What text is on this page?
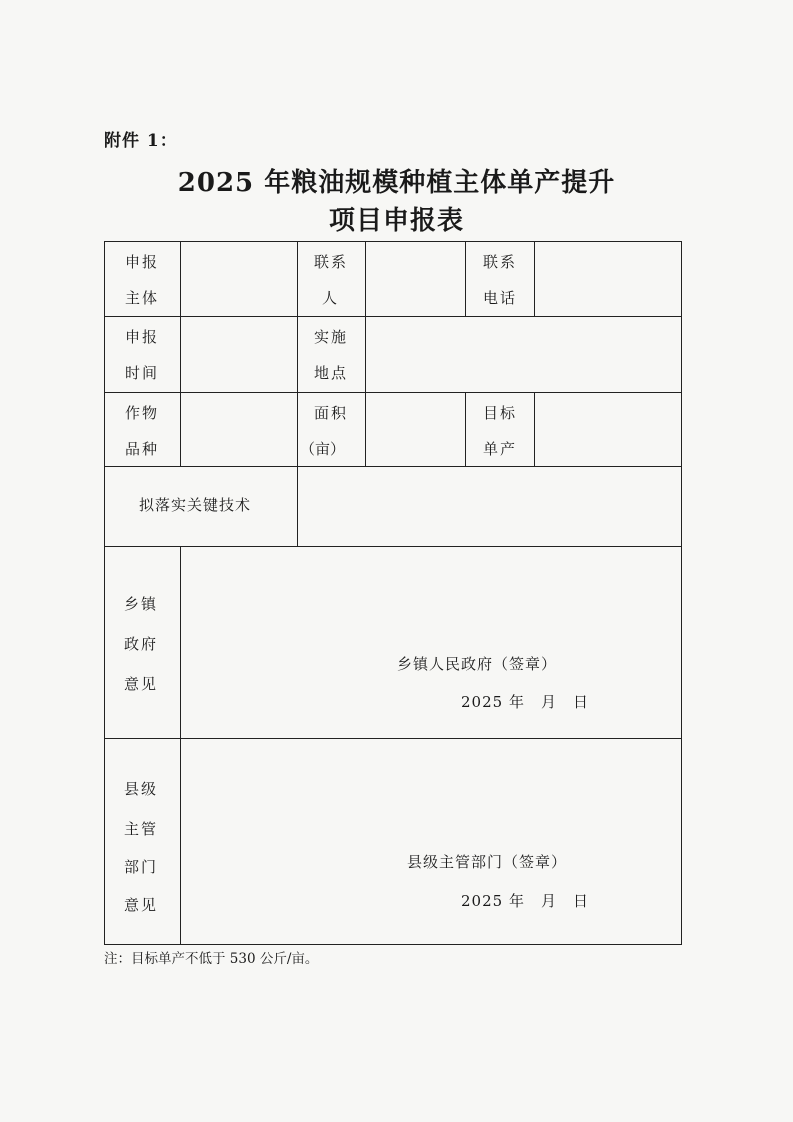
附件 1：
2025 年粮油规模种植主体单产提升
项目申报表
申报
主体
联系
人
联系
电话
申报
时间
实施
地点
作物
品种
面积
（亩）
目标
单产
拟落实关键技术
乡镇
政府
意见
乡镇人民政府（签章）
2025 年　月　日
县级
主管
部门
意见
县级主管部门（签章）
2025 年　月　日
注：目标单产不低于 530 公斤/亩。
